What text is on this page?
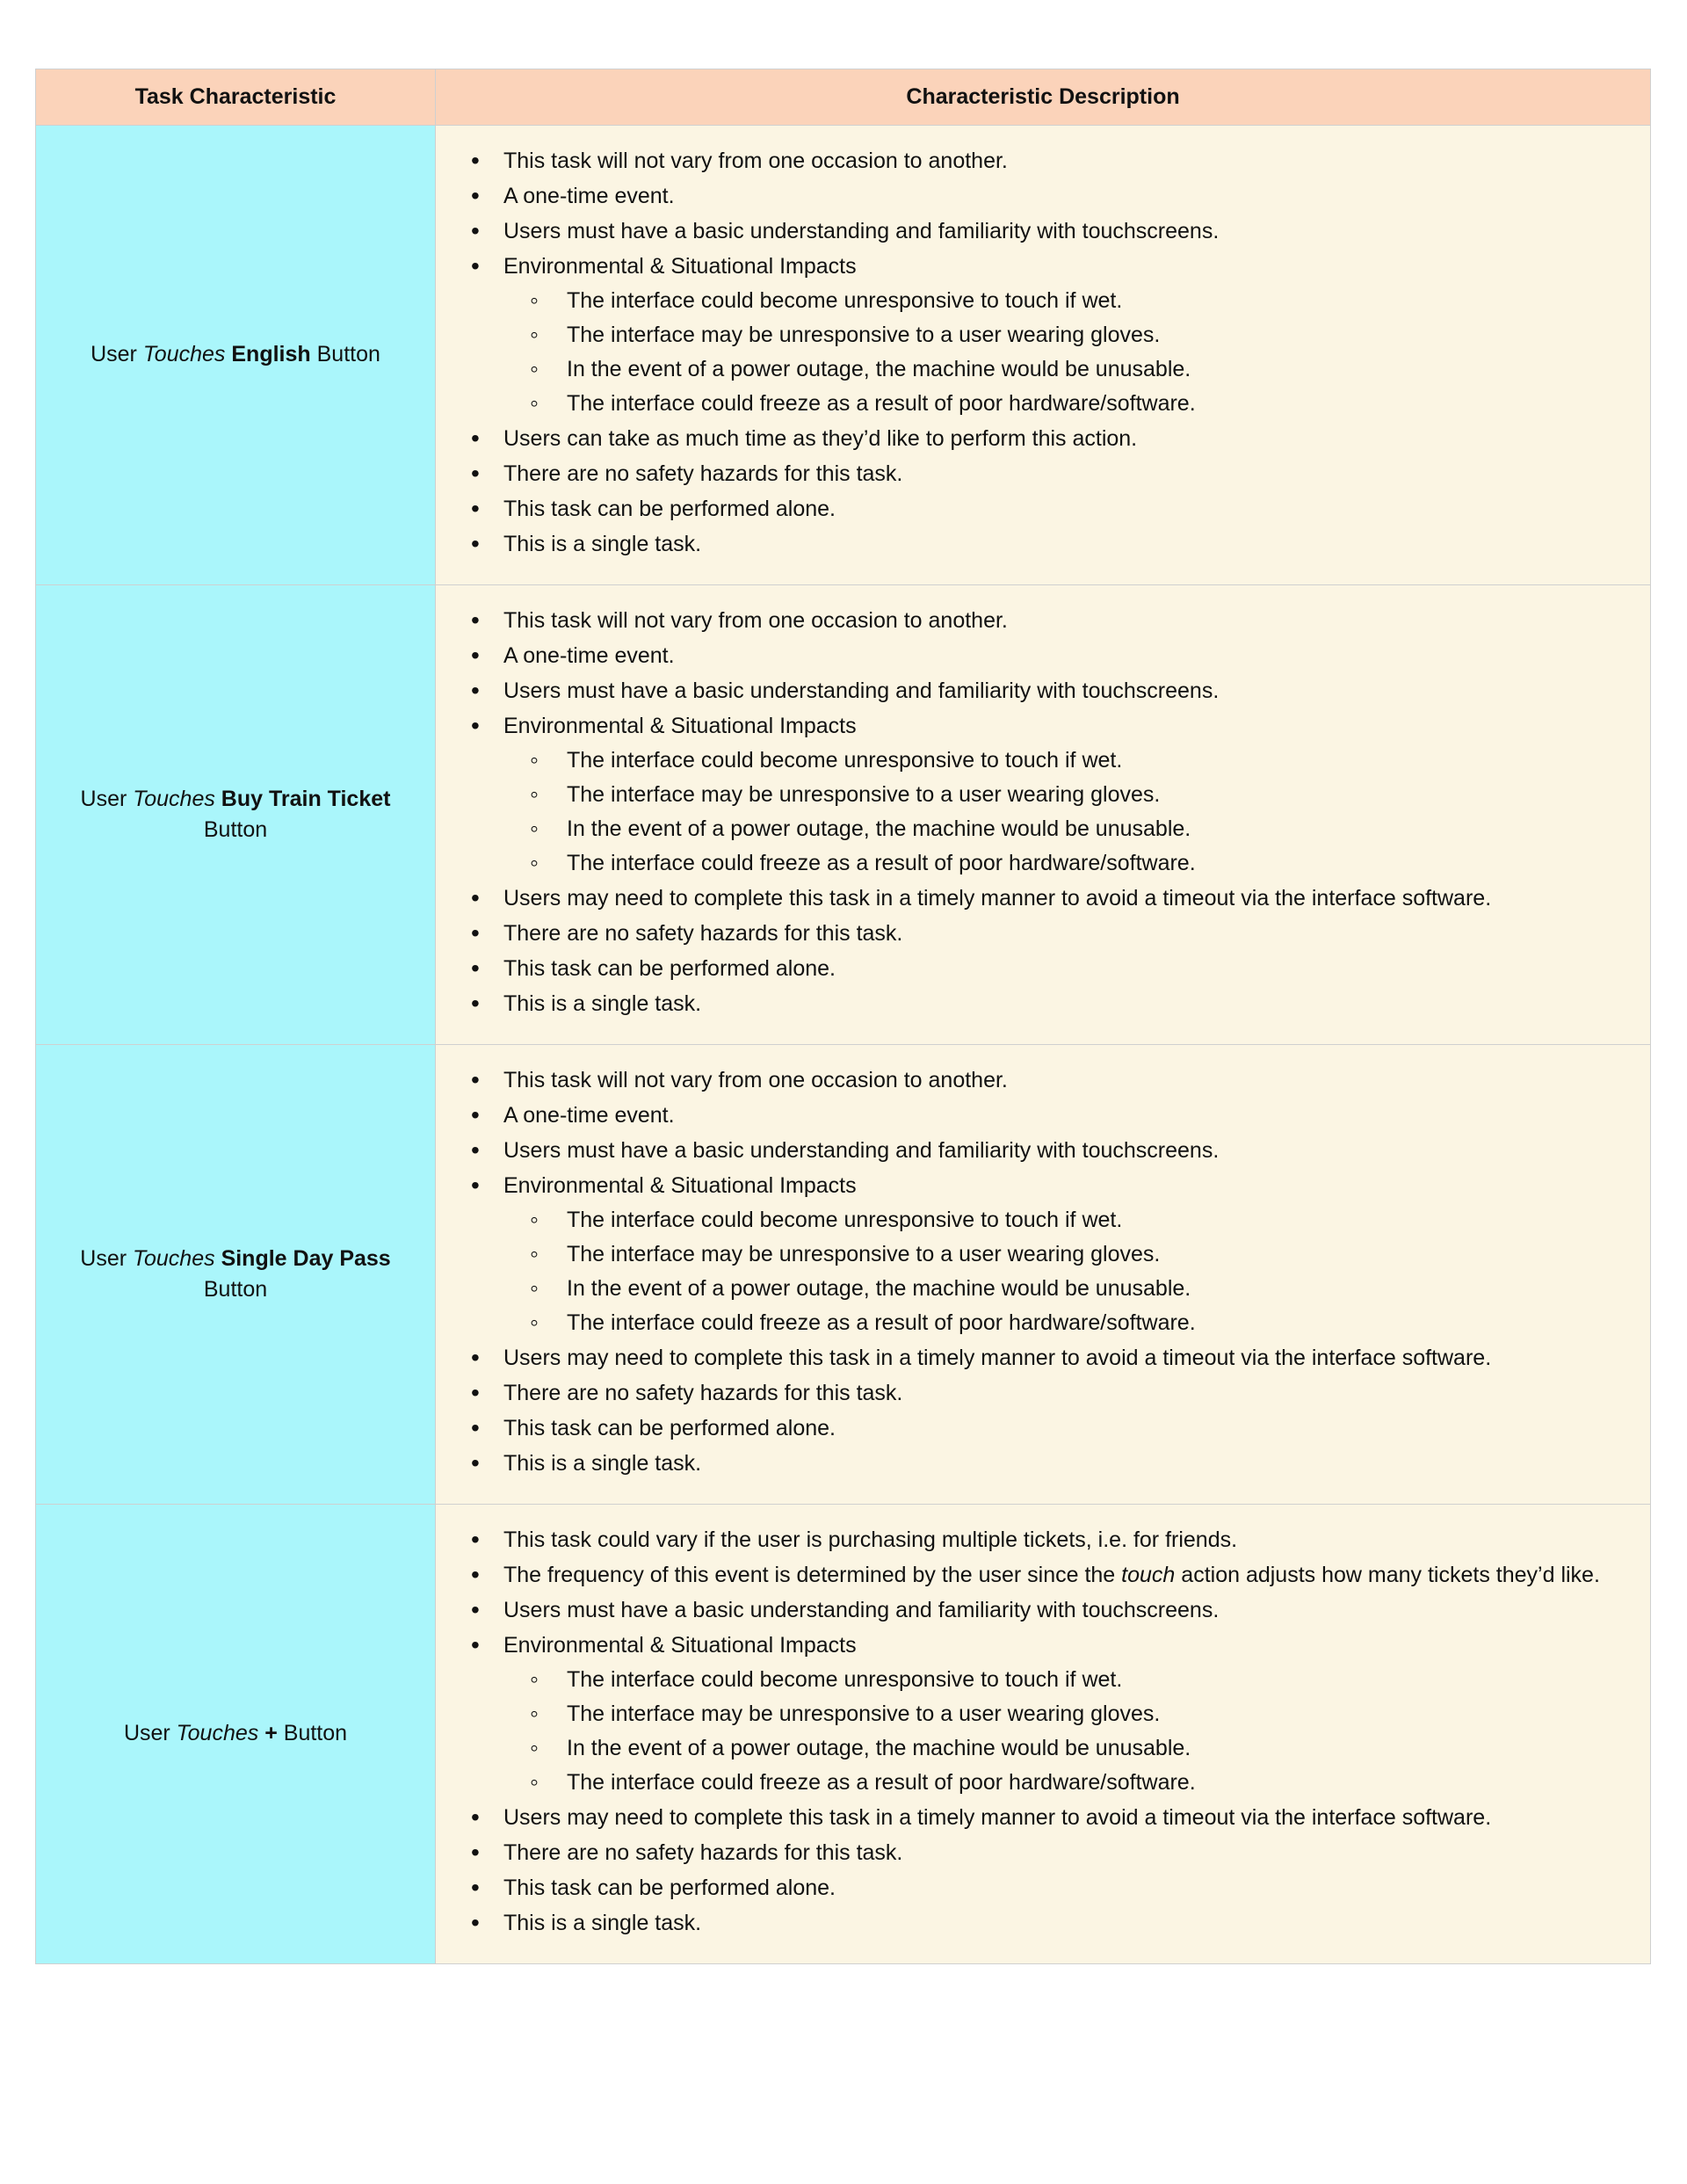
Task Characteristic	Characteristic Description
User Touches English Button	
• This task will not vary from one occasion to another.
• A one-time event.
• Users must have a basic understanding and familiarity with touchscreens.
• Environmental & Situational Impacts
◦ The interface could become unresponsive to touch if wet.
◦ The interface may be unresponsive to a user wearing gloves.
◦ In the event of a power outage, the machine would be unusable.
◦ The interface could freeze as a result of poor hardware/software.
• Users can take as much time as they’d like to perform this action.
• There are no safety hazards for this task.
• This task can be performed alone.
• This is a single task.

User Touches Buy Train Ticket Button	
• This task will not vary from one occasion to another.
• A one-time event.
• Users must have a basic understanding and familiarity with touchscreens.
• Environmental & Situational Impacts
◦ The interface could become unresponsive to touch if wet.
◦ The interface may be unresponsive to a user wearing gloves.
◦ In the event of a power outage, the machine would be unusable.
◦ The interface could freeze as a result of poor hardware/software.
• Users may need to complete this task in a timely manner to avoid a timeout via the interface software.
• There are no safety hazards for this task.
• This task can be performed alone.
• This is a single task.

User Touches Single Day Pass Button	
• This task will not vary from one occasion to another.
• A one-time event.
• Users must have a basic understanding and familiarity with touchscreens.
• Environmental & Situational Impacts
◦ The interface could become unresponsive to touch if wet.
◦ The interface may be unresponsive to a user wearing gloves.
◦ In the event of a power outage, the machine would be unusable.
◦ The interface could freeze as a result of poor hardware/software.
• Users may need to complete this task in a timely manner to avoid a timeout via the interface software.
• There are no safety hazards for this task.
• This task can be performed alone.
• This is a single task.

User Touches + Button	
• This task could vary if the user is purchasing multiple tickets, i.e. for friends.
• The frequency of this event is determined by the user since the touch action adjusts how many tickets they’d like.
• Users must have a basic understanding and familiarity with touchscreens.
• Environmental & Situational Impacts
◦ The interface could become unresponsive to touch if wet.
◦ The interface may be unresponsive to a user wearing gloves.
◦ In the event of a power outage, the machine would be unusable.
◦ The interface could freeze as a result of poor hardware/software.
• Users may need to complete this task in a timely manner to avoid a timeout via the interface software.
• There are no safety hazards for this task.
• This task can be performed alone.
• This is a single task.
